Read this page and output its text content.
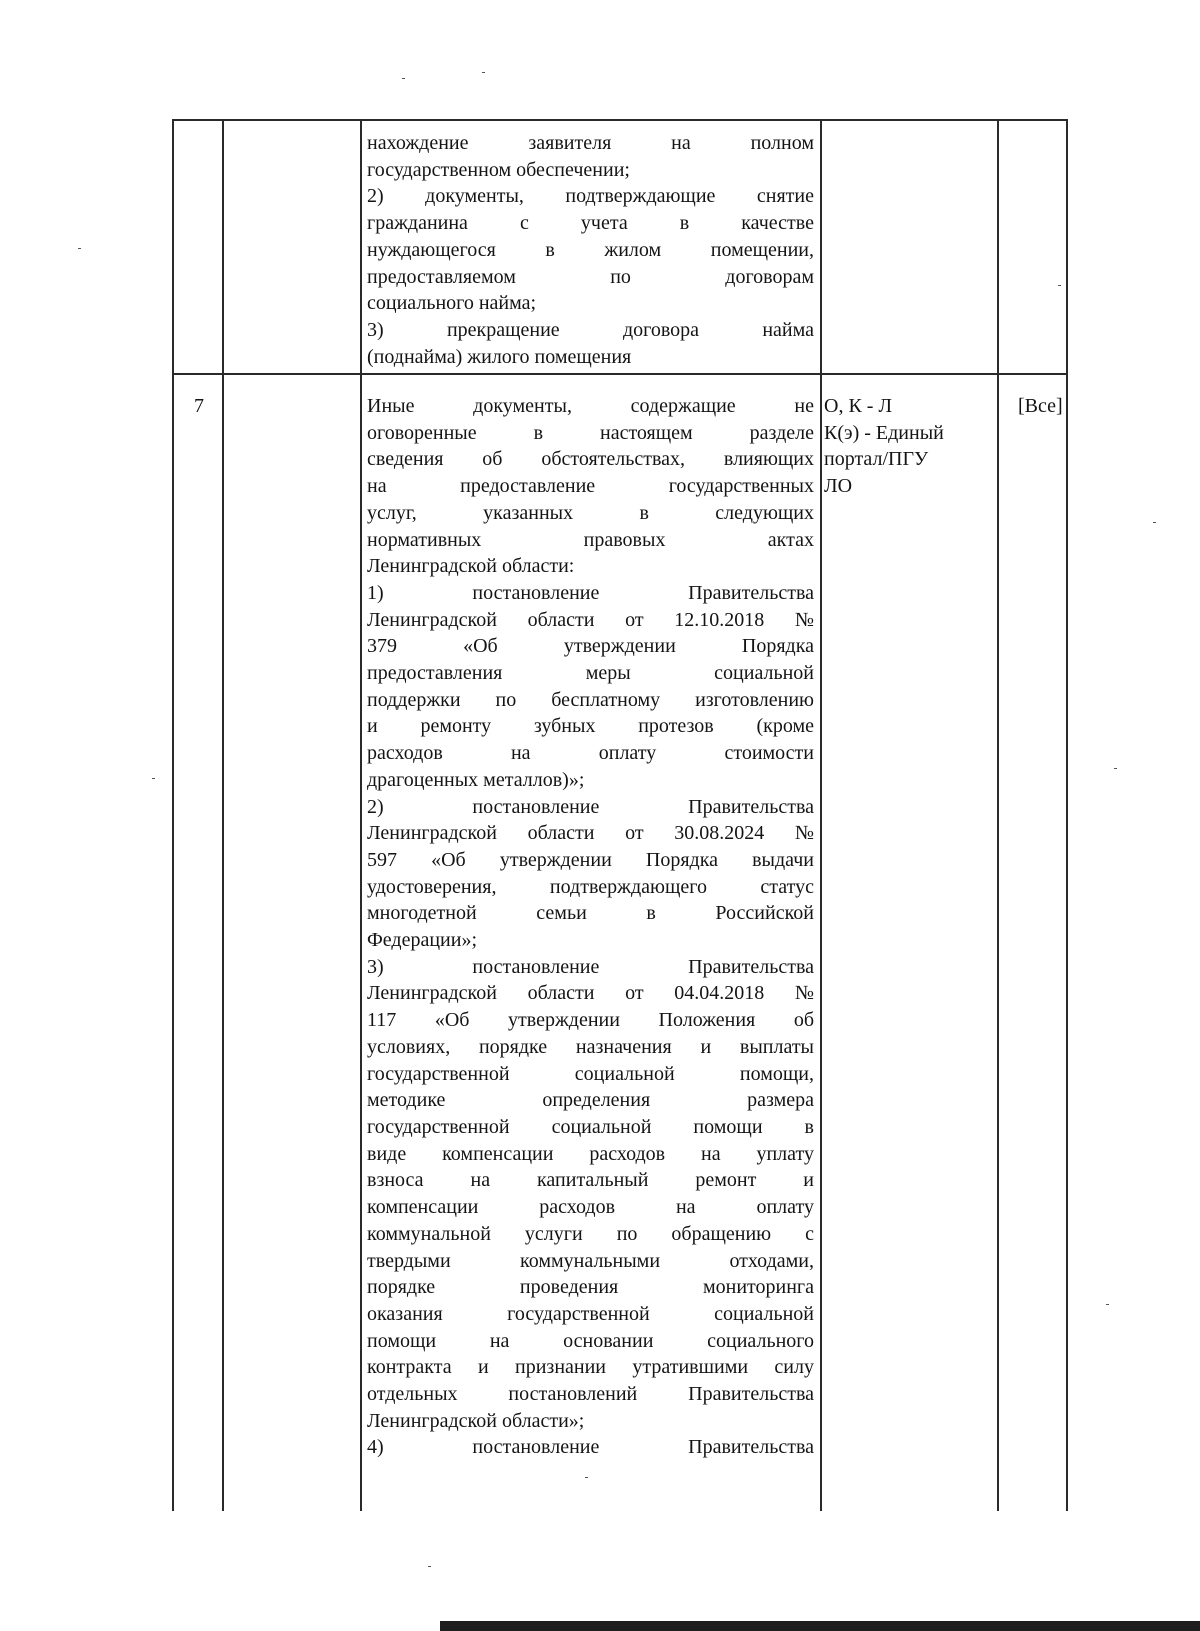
нахождение заявителя на полном
государственном обеспечении;
2) документы, подтверждающие снятие
гражданина с учета в качестве
нуждающегося в жилом помещении,
предоставляемом по договорам
социального найма;
3) прекращение договора найма
(поднайма) жилого помещения
7	Иные документы, содержащие не
оговоренные в настоящем разделе
сведения об обстоятельствах, влияющих
на предоставление государственных
услуг, указанных в следующих
нормативных правовых актах
Ленинградской области:
1) постановление Правительства
Ленинградской области от 12.10.2018 №
379 «Об утверждении Порядка
предоставления меры социальной
поддержки по бесплатному изготовлению
и ремонту зубных протезов (кроме
расходов на оплату стоимости
драгоценных металлов)»;
2) постановление Правительства
Ленинградской области от 30.08.2024 №
597 «Об утверждении Порядка выдачи
удостоверения, подтверждающего статус
многодетной семьи в Российской
Федерации»;
3) постановление Правительства
Ленинградской области от 04.04.2018 №
117 «Об утверждении Положения об
условиях, порядке назначения и выплаты
государственной социальной помощи,
методике определения размера
государственной социальной помощи в
виде компенсации расходов на уплату
взноса на капитальный ремонт и
компенсации расходов на оплату
коммунальной услуги по обращению с
твердыми коммунальными отходами,
порядке проведения мониторинга
оказания государственной социальной
помощи на основании социального
контракта и признании утратившими силу
отдельных постановлений Правительства
Ленинградской области»;
4) постановление Правительства
О, К - Л
К(э) - Единый
портал/ПГУ
ЛО
[Все]
